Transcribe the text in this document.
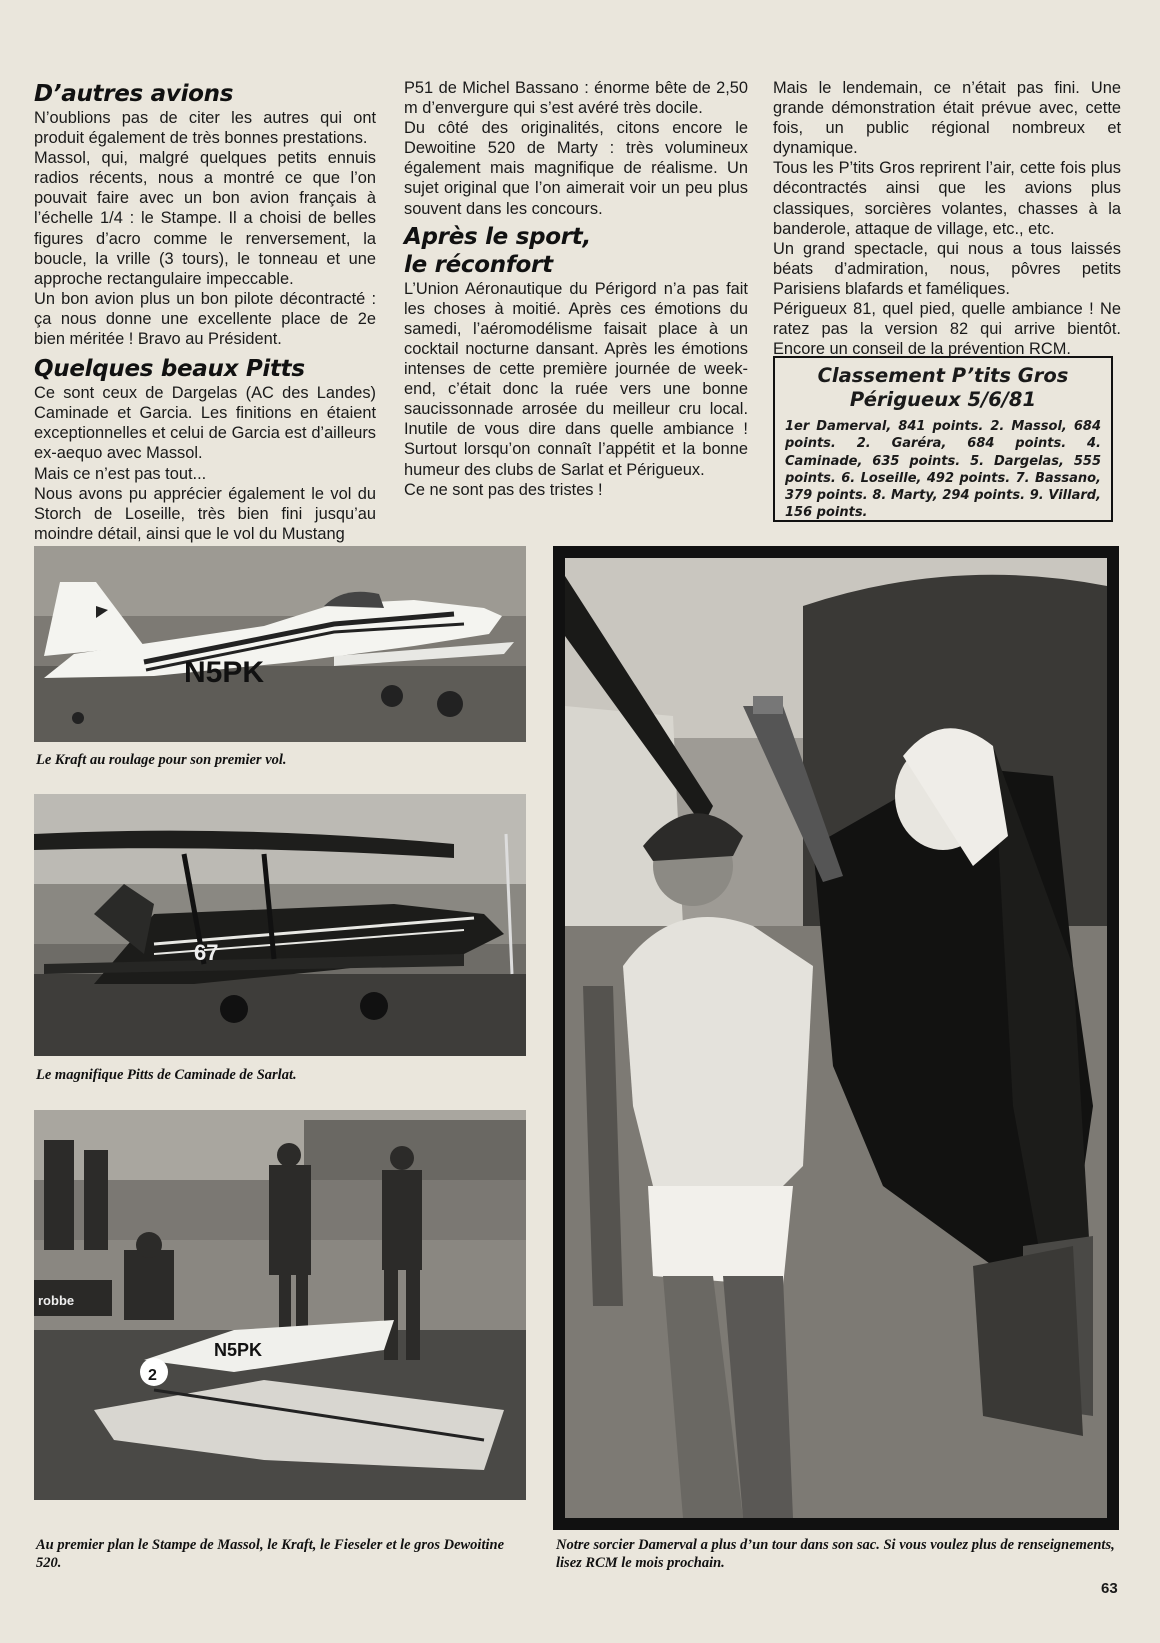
D’autres avions

N’oublions pas de citer les autres qui ont produit également de très bonnes prestations.

Massol, qui, malgré quelques petits ennuis radios récents, nous a montré ce que l’on pouvait faire avec un bon avion français à l’échelle 1/4 : le Stampe. Il a choisi de belles figures d’acro comme le renversement, la boucle, la vrille (3 tours), le tonneau et une approche rectangulaire impeccable.

Un bon avion plus un bon pilote décontracté : ça nous donne une excellente place de 2e bien méritée ! Bravo au Président.

Quelques beaux Pitts

Ce sont ceux de Dargelas (AC des Landes) Caminade et Garcia. Les finitions en étaient exceptionnelles et celui de Garcia est d’ailleurs ex-aequo avec Massol.

Mais ce n’est pas tout...

Nous avons pu apprécier également le vol du Storch de Loseille, très bien fini jusqu’au moindre détail, ainsi que le vol du Mustang

P51 de Michel Bassano : énorme bête de 2,50 m d’envergure qui s’est avéré très docile.

Du côté des originalités, citons encore le Dewoitine 520 de Marty : très volumineux également mais magnifique de réalisme. Un sujet original que l’on aimerait voir un peu plus souvent dans les concours.

Après le sport,
le réconfort

L’Union Aéronautique du Périgord n’a pas fait les choses à moitié. Après ces émotions du samedi, l’aéromodélisme faisait place à un cocktail nocturne dansant. Après les émotions intenses de cette première journée de week-end, c’était donc la ruée vers une bonne saucissonnade arrosée du meilleur cru local. Inutile de vous dire dans quelle ambiance ! Surtout lorsqu’on connaît l’appétit et la bonne humeur des clubs de Sarlat et Périgueux.

Ce ne sont pas des tristes !

Mais le lendemain, ce n’était pas fini. Une grande démonstration était prévue avec, cette fois, un public régional nombreux et dynamique.

Tous les P’tits Gros reprirent l’air, cette fois plus décontractés ainsi que les avions plus classiques, sorcières volantes, chasses à la banderole, attaque de village, etc., etc.

Un grand spectacle, qui nous a tous laissés béats d’admiration, nous, pôvres petits Parisiens blafards et faméliques.

Périgueux 81, quel pied, quelle ambiance ! Ne ratez pas la version 82 qui arrive bientôt. Encore un conseil de la prévention RCM.

Classement P’tits Gros
Périgueux 5/6/81

1er Damerval, 841 points. 2. Massol, 684 points. 2. Garéra, 684 points. 4. Caminade, 635 points. 5. Dargelas, 555 points. 6. Loseille, 492 points. 7. Bassano, 379 points. 8. Marty, 294 points. 9. Villard, 156 points.

N5PK

Le Kraft au roulage pour son premier vol.

67

Le magnifique Pitts de Caminade de Sarlat.

robbe
N5PK
2

Au premier plan le Stampe de Massol, le Kraft, le Fieseler et le gros Dewoitine 520.

Notre sorcier Damerval a plus d’un tour dans son sac. Si vous voulez plus de renseignements, lisez RCM le mois prochain.

63
